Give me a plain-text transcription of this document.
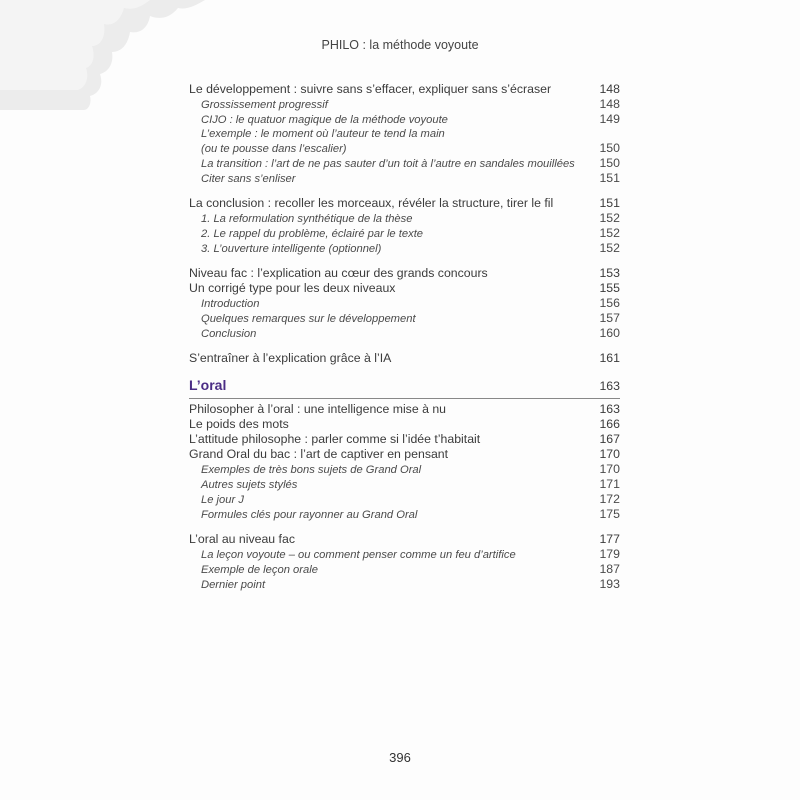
PHILO : la méthode voyoute
Le développement : suivre sans s’effacer, expliquer sans s’écraser	148
Grossissement progressif	148
CIJO : le quatuor magique de la méthode voyoute	149
L’exemple : le moment où l’auteur te tend la main
(ou te pousse dans l’escalier)	150
La transition : l’art de ne pas sauter d’un toit à l’autre en sandales mouillées	150
Citer sans s’enliser	151
La conclusion : recoller les morceaux, révéler la structure, tirer le fil	151
1. La reformulation synthétique de la thèse	152
2. Le rappel du problème, éclairé par le texte	152
3. L’ouverture intelligente (optionnel)	152
Niveau fac : l’explication au cœur des grands concours	153
Un corrigé type pour les deux niveaux	155
Introduction	156
Quelques remarques sur le développement	157
Conclusion	160
S’entraîner à l’explication grâce à l’IA	161
L’oral	163
Philosopher à l’oral : une intelligence mise à nu	163
Le poids des mots	166
L’attitude philosophe : parler comme si l’idée t’habitait	167
Grand Oral du bac : l’art de captiver en pensant	170
Exemples de très bons sujets de Grand Oral	170
Autres sujets stylés	171
Le jour J	172
Formules clés pour rayonner au Grand Oral	175
L’oral au niveau fac	177
La leçon voyoute – ou comment penser comme un feu d’artifice	179
Exemple de leçon orale	187
Dernier point	193
396
